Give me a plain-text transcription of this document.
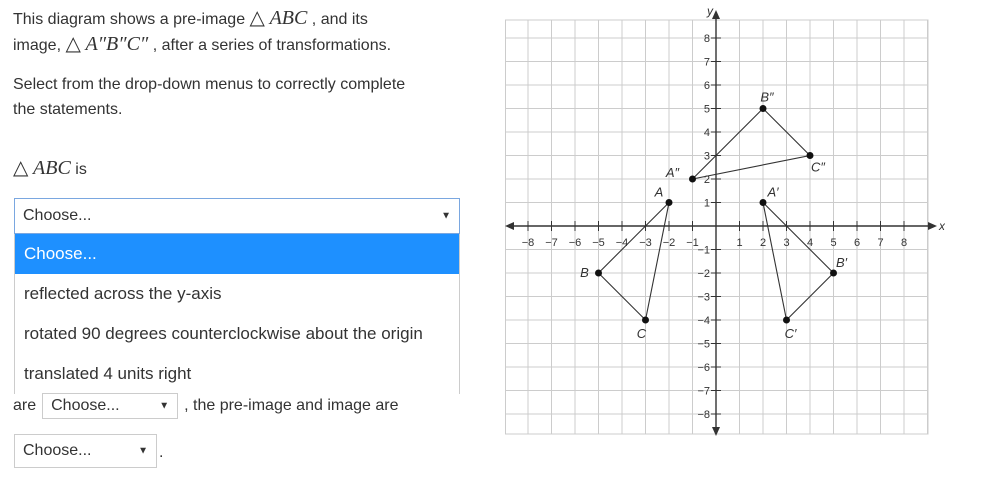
This diagram shows a pre-image △ ABC , and its

image, △ A″B″C″ , after a series of transformations.

Select from the drop-down menus to correctly complete
the statements.
△ ABC is
Choose...	▼
Choose...
reflected across the y-axis
rotated 90 degrees counterclockwise about the origin
translated 4 units right
are Choose...	▼ , the pre-image and image are
Choose...	▼ .
x
y
−8 −7 −6 −5 −4 −3 −2 −1	1 2 3 4 5 6 7 8
−8
−7
−6
−5
−4
−3
−2
−1
1
2
3
4
5
6
7
8
A
B
C
A′
B′
C′
A″
B″
C″
